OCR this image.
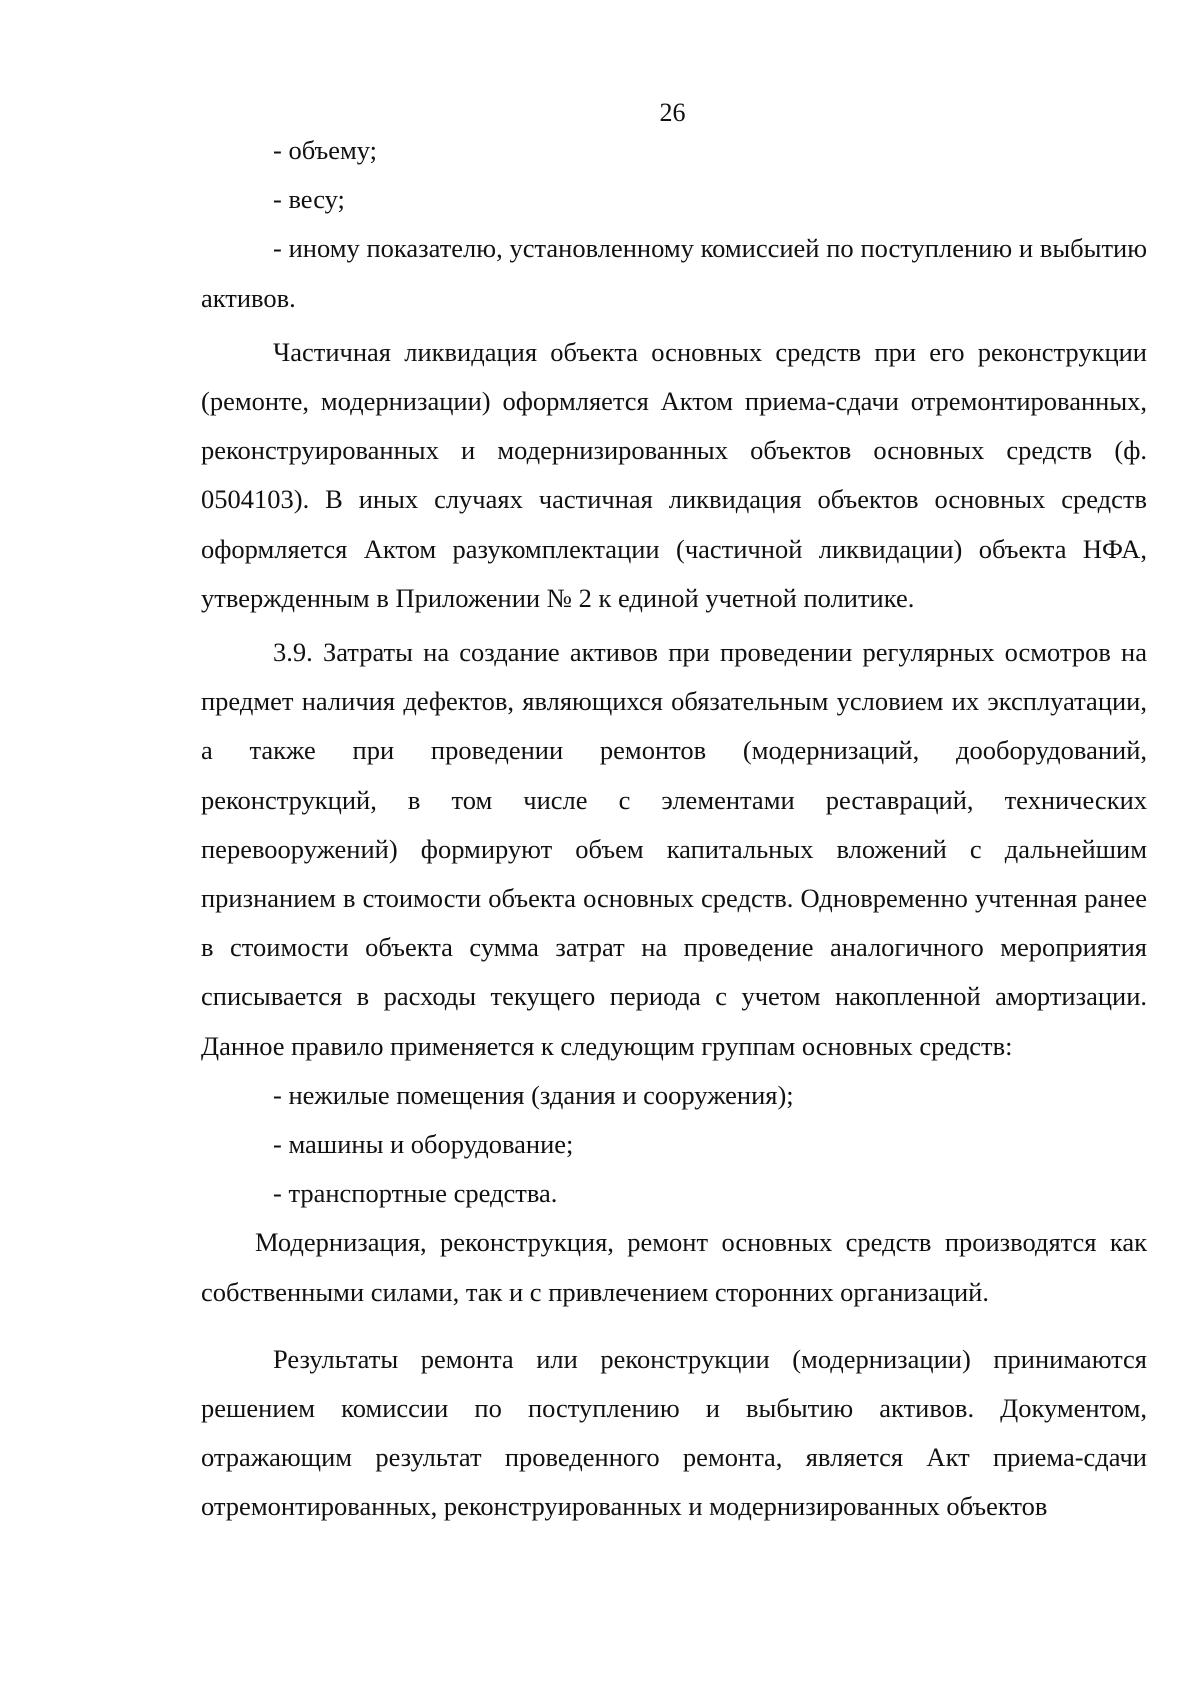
26

- объему;

- весу;

- иному показателю, установленному комиссией по поступлению и выбытию активов.

Частичная ликвидация объекта основных средств при его реконструкции (ремонте, модернизации) оформляется Актом приема-сдачи отремонтированных, реконструированных и модернизированных объектов основных средств (ф. 0504103). В иных случаях частичная ликвидация объектов основных средств оформляется Актом разукомплектации (частичной ликвидации) объекта НФА, утвержденным в Приложении № 2 к единой учетной политике.

3.9. Затраты на создание активов при проведении регулярных осмотров на предмет наличия дефектов, являющихся обязательным условием их эксплуатации, а также при проведении ремонтов (модернизаций, дооборудований, реконструкций, в том числе с элементами реставраций, технических перевооружений) формируют объем капитальных вложений с дальнейшим признанием в стоимости объекта основных средств. Одновременно учтенная ранее в стоимости объекта сумма затрат на проведение аналогичного мероприятия списывается в расходы текущего периода с учетом накопленной амортизации. Данное правило применяется к следующим группам основных средств:

- нежилые помещения (здания и сооружения);

- машины и оборудование;

- транспортные средства.

Модернизация, реконструкция, ремонт основных средств производятся как собственными силами, так и с привлечением сторонних организаций.

Результаты ремонта или реконструкции (модернизации) принимаются решением комиссии по поступлению и выбытию активов. Документом, отражающим результат проведенного ремонта, является Акт приема-сдачи отремонтированных, реконструированных и модернизированных объектов
